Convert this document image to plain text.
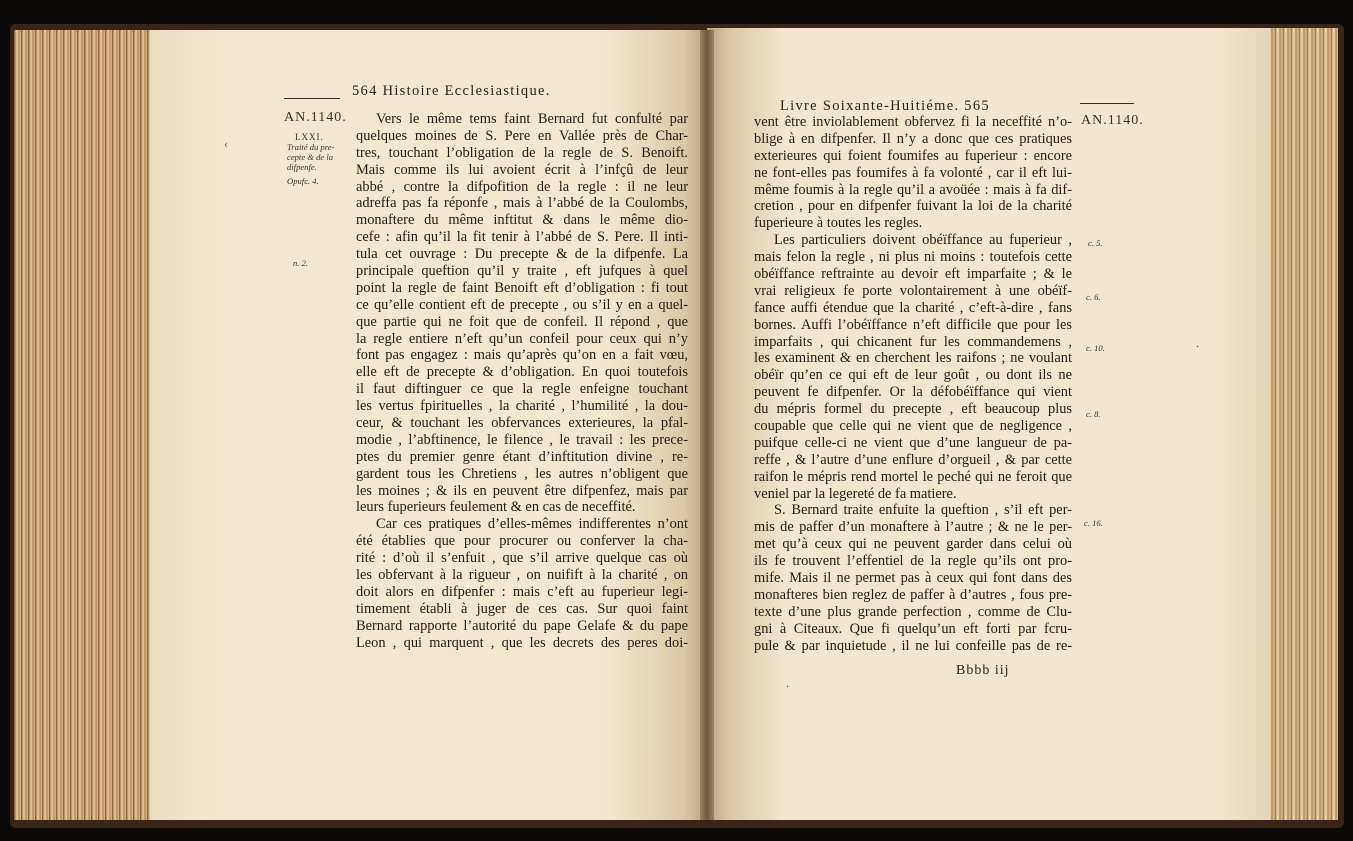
AN.1140.
564 Histoire Ecclesiastique.
LXXI.
Traité du pre-
cepte & de la
difpenfe.
Opufc. 4.
n. 2.
Vers le même tems faint Bernard fut confulté par
quelques moines de S. Pere en Vallée près de Char-
tres, touchant l’obligation de la regle de S. Benoift.
Mais comme ils lui avoient écrit à l’infçû de leur
abbé , contre la difpofition de la regle : il ne leur
adreffa pas fa réponfe , mais à l’abbé de la Coulombs,
monaftere du même inftitut & dans le même dio-
cefe : afin qu’il la fit tenir à l’abbé de S. Pere. Il inti-
tula cet ouvrage : Du precepte & de la difpenfe. La
principale queftion qu’il y traite , eft jufques à quel
point la regle de faint Benoift eft d’obligation : fi tout
ce qu’elle contient eft de precepte , ou s’il y en a quel-
que partie qui ne foit que de confeil. Il répond , que
la regle entiere n’eft qu’un confeil pour ceux qui n’y
font pas engagez : mais qu’après qu’on en a fait vœu,
elle eft de precepte & d’obligation. En quoi toutefois
il faut diftinguer ce que la regle enfeigne touchant
les vertus fpirituelles , la charité , l’humilité , la dou-
ceur, & touchant les obfervances exterieures, la pfal-
modie , l’abftinence, le filence , le travail : les prece-
ptes du premier genre étant d’inftitution divine , re-
gardent tous les Chretiens , les autres n’obligent que
les moines ; & ils en peuvent être difpenfez, mais par
leurs fuperieurs feulement & en cas de neceffité.
Car ces pratiques d’elles-mêmes indifferentes n’ont
été établies que pour procurer ou conferver la cha-
rité : d’où il s’enfuit , que s’il arrive quelque cas où
les obfervant à la rigueur , on nuifift à la charité , on
doit alors en difpenfer : mais c’eft au fuperieur legi-
timement établi à juger de ces cas. Sur quoi faint
Bernard rapporte l’autorité du pape Gelafe & du pape
Leon , qui marquent , que les decrets des peres doi-
Livre Soixante-Huitiéme. 565
AN.1140.
c. 5.
c. 6.
c. 10.
c. 8.
c. 16.
vent être inviolablement obfervez fi la neceffité n’o-
blige à en difpenfer. Il n’y a donc que ces pratiques
exterieures qui foient foumifes au fuperieur : encore
ne font-elles pas foumifes à fa volonté , car il eft lui-
même foumis à la regle qu’il a avoüée : mais à fa dif-
cretion , pour en difpenfer fuivant la loi de la charité
fuperieure à toutes les regles.
Les particuliers doivent obéïffance au fuperieur ,
mais felon la regle , ni plus ni moins : toutefois cette
obéïffance reftrainte au devoir eft imparfaite ; & le
vrai religieux fe porte volontairement à une obéïf-
fance auffi étendue que la charité , c’eft-à-dire , fans
bornes. Auffi l’obéïffance n’eft difficile que pour les
imparfaits , qui chicanent fur les commandemens ,
les examinent & en cherchent les raifons ; ne voulant
obéïr qu’en ce qui eft de leur goût , ou dont ils ne
peuvent fe difpenfer. Or la défobéïffance qui vient
du mépris formel du precepte , eft beaucoup plus
coupable que celle qui ne vient que de negligence ,
puifque celle-ci ne vient que d’une langueur de pa-
reffe , & l’autre d’une enflure d’orgueil , & par cette
raifon le mépris rend mortel le peché qui ne feroit que
veniel par la legereté de fa matiere.
S. Bernard traite enfuite la queftion , s’il eft per-
mis de paffer d’un monaftere à l’autre ; & ne le per-
met qu’à ceux qui ne peuvent garder dans celui où
ils fe trouvent l’effentiel de la regle qu’ils ont pro-
mife. Mais il ne permet pas à ceux qui font dans des
monafteres bien reglez de paffer à d’autres , fous pre-
texte d’une plus grande perfection , comme de Clu-
gni à Citeaux. Que fi quelqu’un eft forti par fcru-
pule & par inquietude , il ne lui confeille pas de re-
Bbbb iij
‹
·
·
